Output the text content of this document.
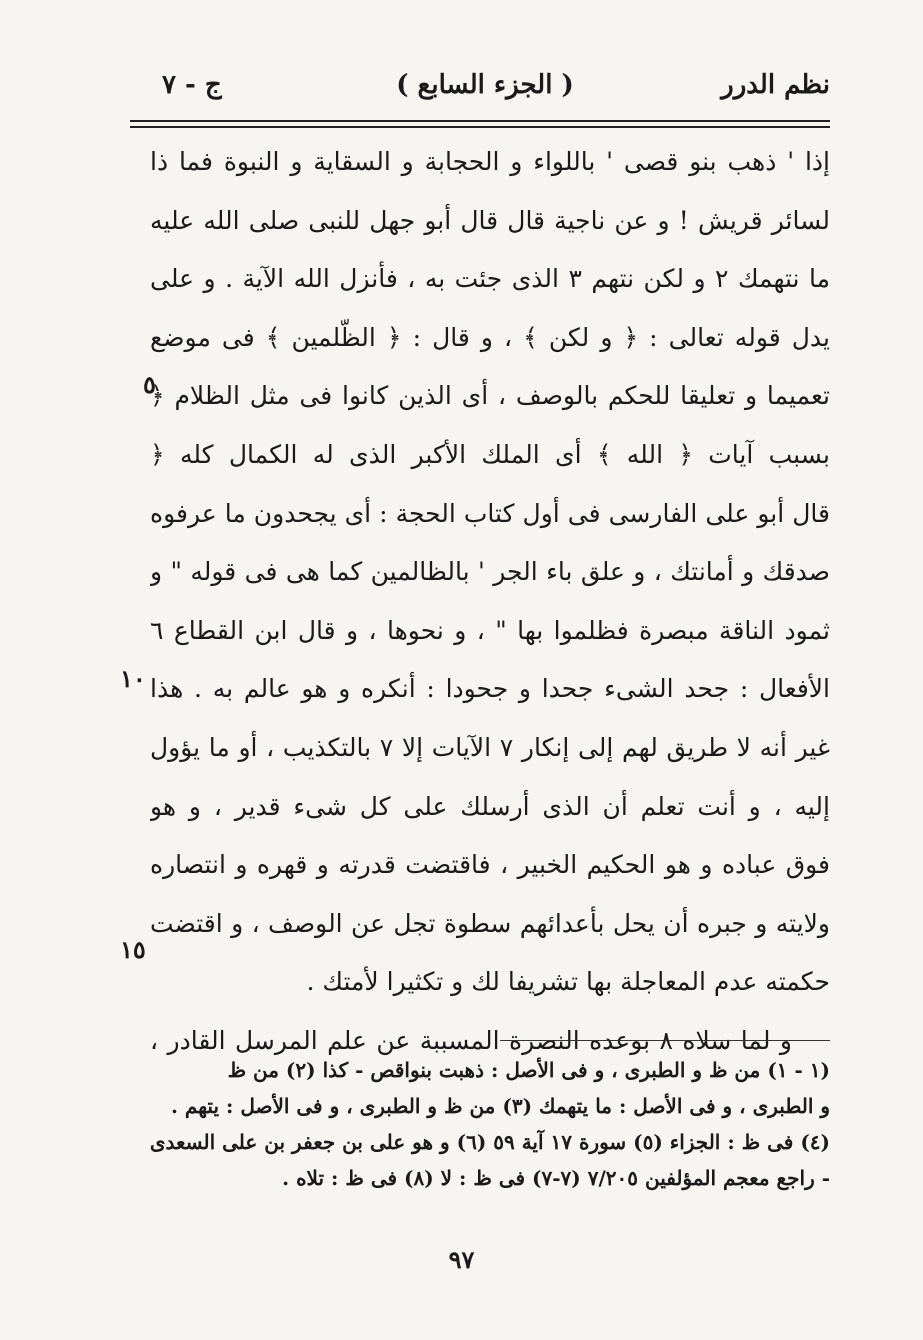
نظم الدرر
( الجزء السابع )
ج - ٧
إذا ' ذهب بنو قصى ' باللواء و الحجابة و السقاية و النبوة فما ذا
لسائر قريش ! و عن ناجية قال قال أبو جهل للنبى صلى الله عليه
ما نتهمك ٢ و لكن نتهم ٣ الذى جئت به ، فأنزل الله الآية . و على
يدل قوله تعالى : ﴿ و لكن ﴾ ، و قال : ﴿ الظّلمين ﴾ فى موضع
تعميما و تعليقا للحكم بالوصف ، أى الذين كانوا فى مثل الظلام ﴿
بسبب آيات ﴿ الله ﴾ أى الملك الأكبر الذى له الكمال كله ﴿
قال أبو على الفارسى فى أول كتاب الحجة : أى يجحدون ما عرفوه
صدقك و أمانتك ، و علق باء الجر ' بالظالمين كما هى فى قوله " و
ثمود الناقة مبصرة فظلموا بها " ، و نحوها ، و قال ابن القطاع ٦
الأفعال : جحد الشىء جحدا و جحودا : أنكره و هو عالم به . هذا
غير أنه لا طريق لهم إلى إنكار ٧ الآيات إلا ٧ بالتكذيب ، أو ما يؤول
إليه ، و أنت تعلم أن الذى أرسلك على كل شىء قدير ، و هو
فوق عباده و هو الحكيم الخبير ، فاقتضت قدرته و قهره و انتصاره
ولايته و جبره أن يحل بأعدائهم سطوة تجل عن الوصف ، و اقتضت
حكمته عدم المعاجلة بها تشريفا لك و تكثيرا لأمتك .
و لما سلاه ٨ بوعده النصرة المسببة عن علم المرسل القادر ،
٥
١٠
١٥
(١ - ١) من ظ و الطبرى ، و فى الأصل : ذهبت بنواقص - كذا (٢) من ظ
و الطبرى ، و فى الأصل : ما يتهمك (٣) من ظ و الطبرى ، و فى الأصل : يتهم .
(٤) فى ظ : الجزاء (٥) سورة ١٧ آية ٥٩ (٦) و هو على بن جعفر بن على السعدى
- راجع معجم المؤلفين ٧/٢٠٥ (٧-٧) فى ظ : لا (٨) فى ظ : تلاه .
٩٧
